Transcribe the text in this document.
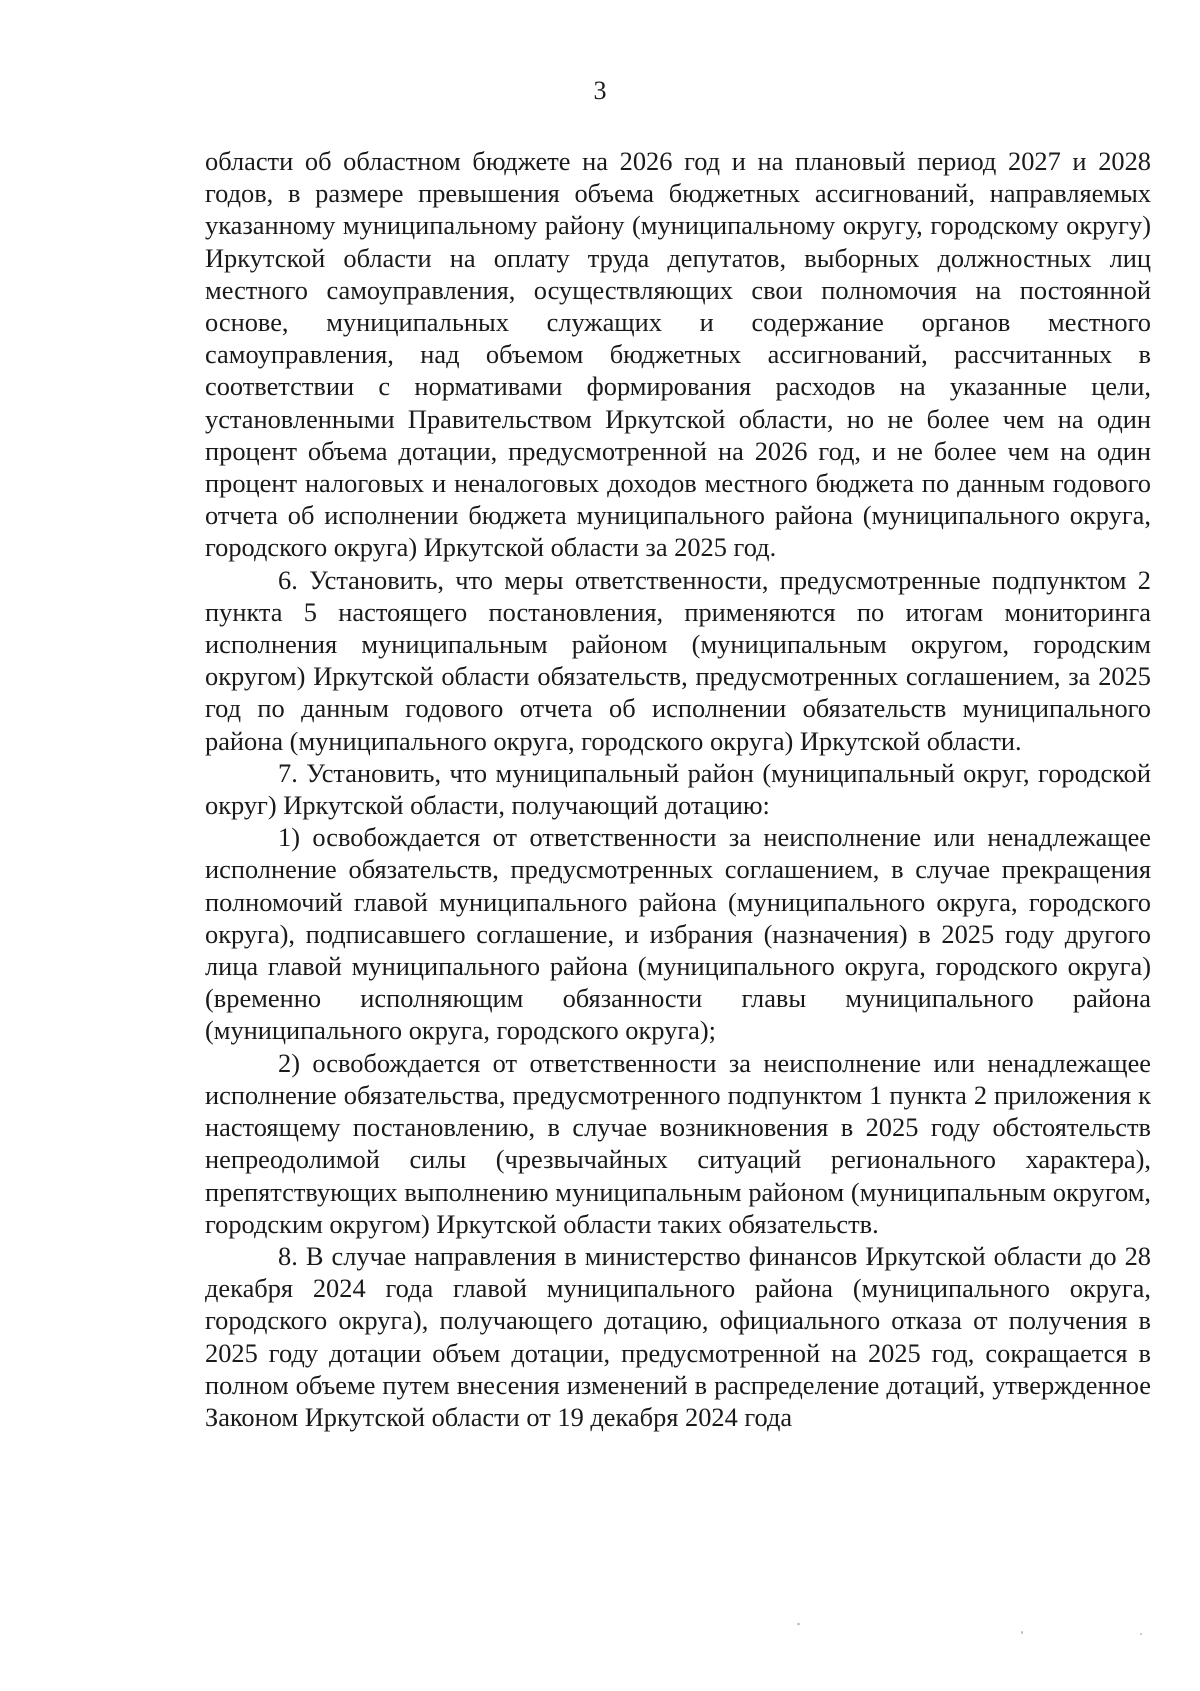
3

области об областном бюджете на 2026 год и на плановый период 2027 и 2028 годов, в размере превышения объема бюджетных ассигнований, направляемых указанному муниципальному району (муниципальному округу, городскому округу) Иркутской области на оплату труда депутатов, выборных должностных лиц местного самоуправления, осуществляющих свои полномочия на постоянной основе, муниципальных служащих и содержание органов местного самоуправления, над объемом бюджетных ассигнований, рассчитанных в соответствии с нормативами формирования расходов на указанные цели, установленными Правительством Иркутской области, но не более чем на один процент объема дотации, предусмотренной на 2026 год, и не более чем на один процент налоговых и неналоговых доходов местного бюджета по данным годового отчета об исполнении бюджета муниципального района (муниципального округа, городского округа) Иркутской области за 2025 год.

6. Установить, что меры ответственности, предусмотренные подпунктом 2 пункта 5 настоящего постановления, применяются по итогам мониторинга исполнения муниципальным районом (муниципальным округом, городским округом) Иркутской области обязательств, предусмотренных соглашением, за 2025 год по данным годового отчета об исполнении обязательств муниципального района (муниципального округа, городского округа) Иркутской области.

7. Установить, что муниципальный район (муниципальный округ, городской округ) Иркутской области, получающий дотацию:

1) освобождается от ответственности за неисполнение или ненадлежащее исполнение обязательств, предусмотренных соглашением, в случае прекращения полномочий главой муниципального района (муниципального округа, городского округа), подписавшего соглашение, и избрания (назначения) в 2025 году другого лица главой муниципального района (муниципального округа, городского округа) (временно исполняющим обязанности главы муниципального района (муниципального округа, городского округа);

2) освобождается от ответственности за неисполнение или ненадлежащее исполнение обязательства, предусмотренного подпунктом 1 пункта 2 приложения к настоящему постановлению, в случае возникновения в 2025 году обстоятельств непреодолимой силы (чрезвычайных ситуаций регионального характера), препятствующих выполнению муниципальным районом (муниципальным округом, городским округом) Иркутской области таких обязательств.

8. В случае направления в министерство финансов Иркутской области до 28 декабря 2024 года главой муниципального района (муниципального округа, городского округа), получающего дотацию, официального отказа от получения в 2025 году дотации объем дотации, предусмотренной на 2025 год, сокращается в полном объеме путем внесения изменений в распределение дотаций, утвержденное Законом Иркутской области от 19 декабря 2024 года
